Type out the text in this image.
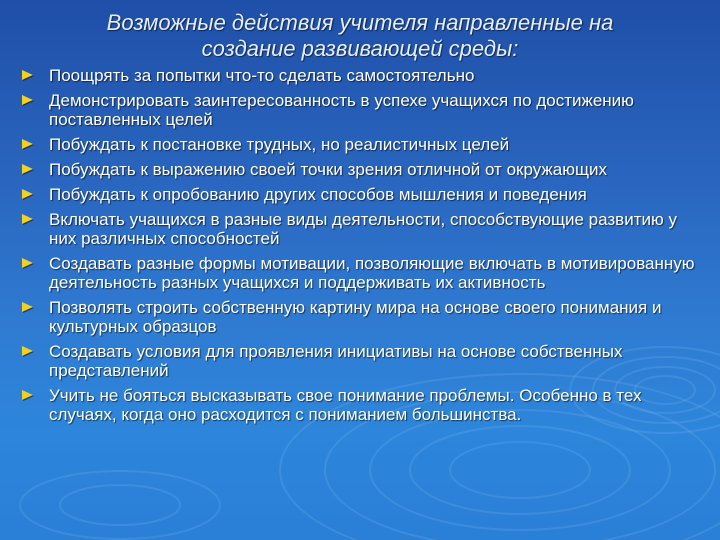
Возможные действия учителя направленные на
создание развивающей среды:
Поощрять за попытки что-то сделать самостоятельно
Демонстрировать заинтересованность в успехе учащихся по достижению поставленных целей
Побуждать к постановке трудных, но реалистичных целей
Побуждать к выражению своей точки зрения отличной от окружающих
Побуждать к опробованию других способов мышления и поведения
Включать учащихся в разные виды деятельности, способствующие развитию у них различных способностей
Создавать разные формы мотивации, позволяющие включать в мотивированную деятельность разных учащихся и поддерживать их активность
Позволять строить собственную картину мира на основе своего понимания и культурных образцов
Создавать условия для проявления инициативы на основе собственных представлений
Учить не бояться высказывать свое понимание проблемы. Особенно в тех случаях, когда оно расходится с пониманием большинства.
